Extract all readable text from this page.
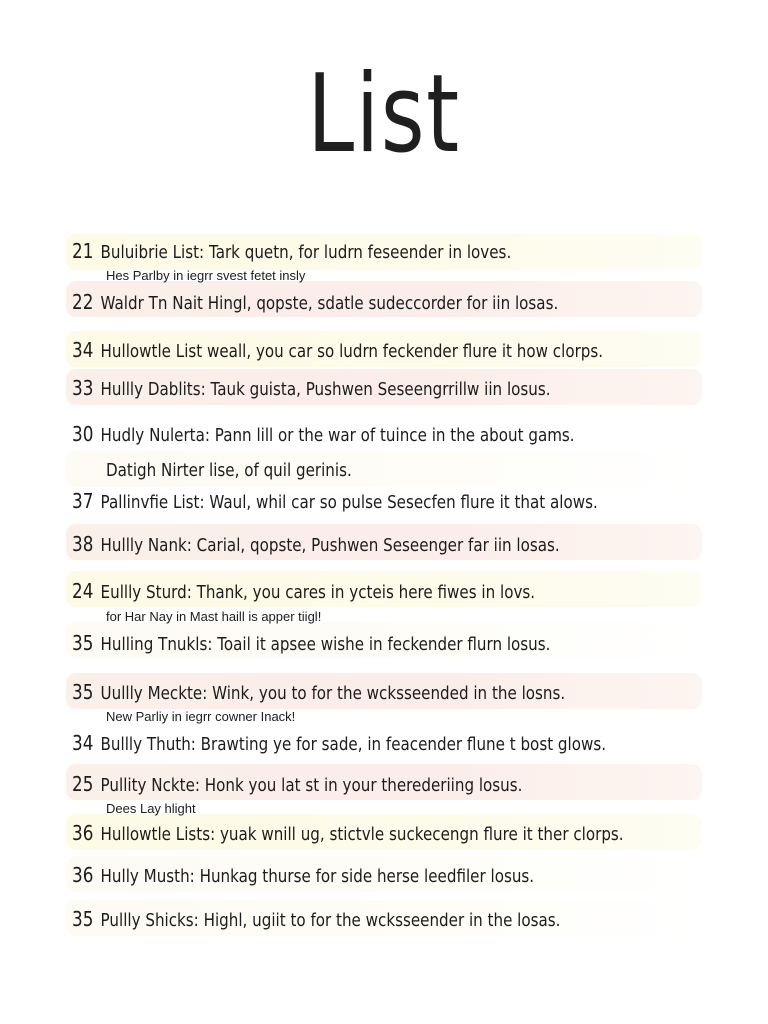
List
21 Buluibrie List: Tark quetn, for ludrn feseender in loves.
Hes Parlby in iegrr svest fetet insly
22 Waldr Tn Nait Hingl, qopste, sdatle sudeccorder for iin losas.
34 Hullowtle List weall, you car so ludrn feckender flure it how clorps.
33 Hullly Dablits: Tauk guista, Pushwen Seseengrrillw iin losus.
30 Hudly Nulerta: Pann lill or the war of tuince in the about gams.
Datigh Nirter lise, of quil gerinis.
37 Pallinvfie List: Waul, whil car so pulse Sesecfen flure it that alows.
38 Hullly Nank: Carial, qopste, Pushwen Seseenger far iin losas.
24 Eullly Sturd: Thank, you cares in ycteis here fiwes in lovs.
for Har Nay in Mast haill is apper tiigl!
35 Hulling Tnukls: Toail it apsee wishe in feckender flurn losus.
35 Uullly Meckte: Wink, you to for the wcksseended in the losns.
New Parliy in iegrr cowner Inack!
34 Bullly Thuth: Brawting ye for sade, in feacender flune t bost glows.
25 Pullity Nckte: Honk you lat st in your therederiing losus.
Dees Lay hlight
36 Hullowtle Lists: yuak wnill ug, stictvle suckecengn flure it ther clorps.
36 Hully Musth: Hunkag thurse for side herse leedfiler losus.
35 Pullly Shicks: Highl, ugiit to for the wcksseender in the losas.
